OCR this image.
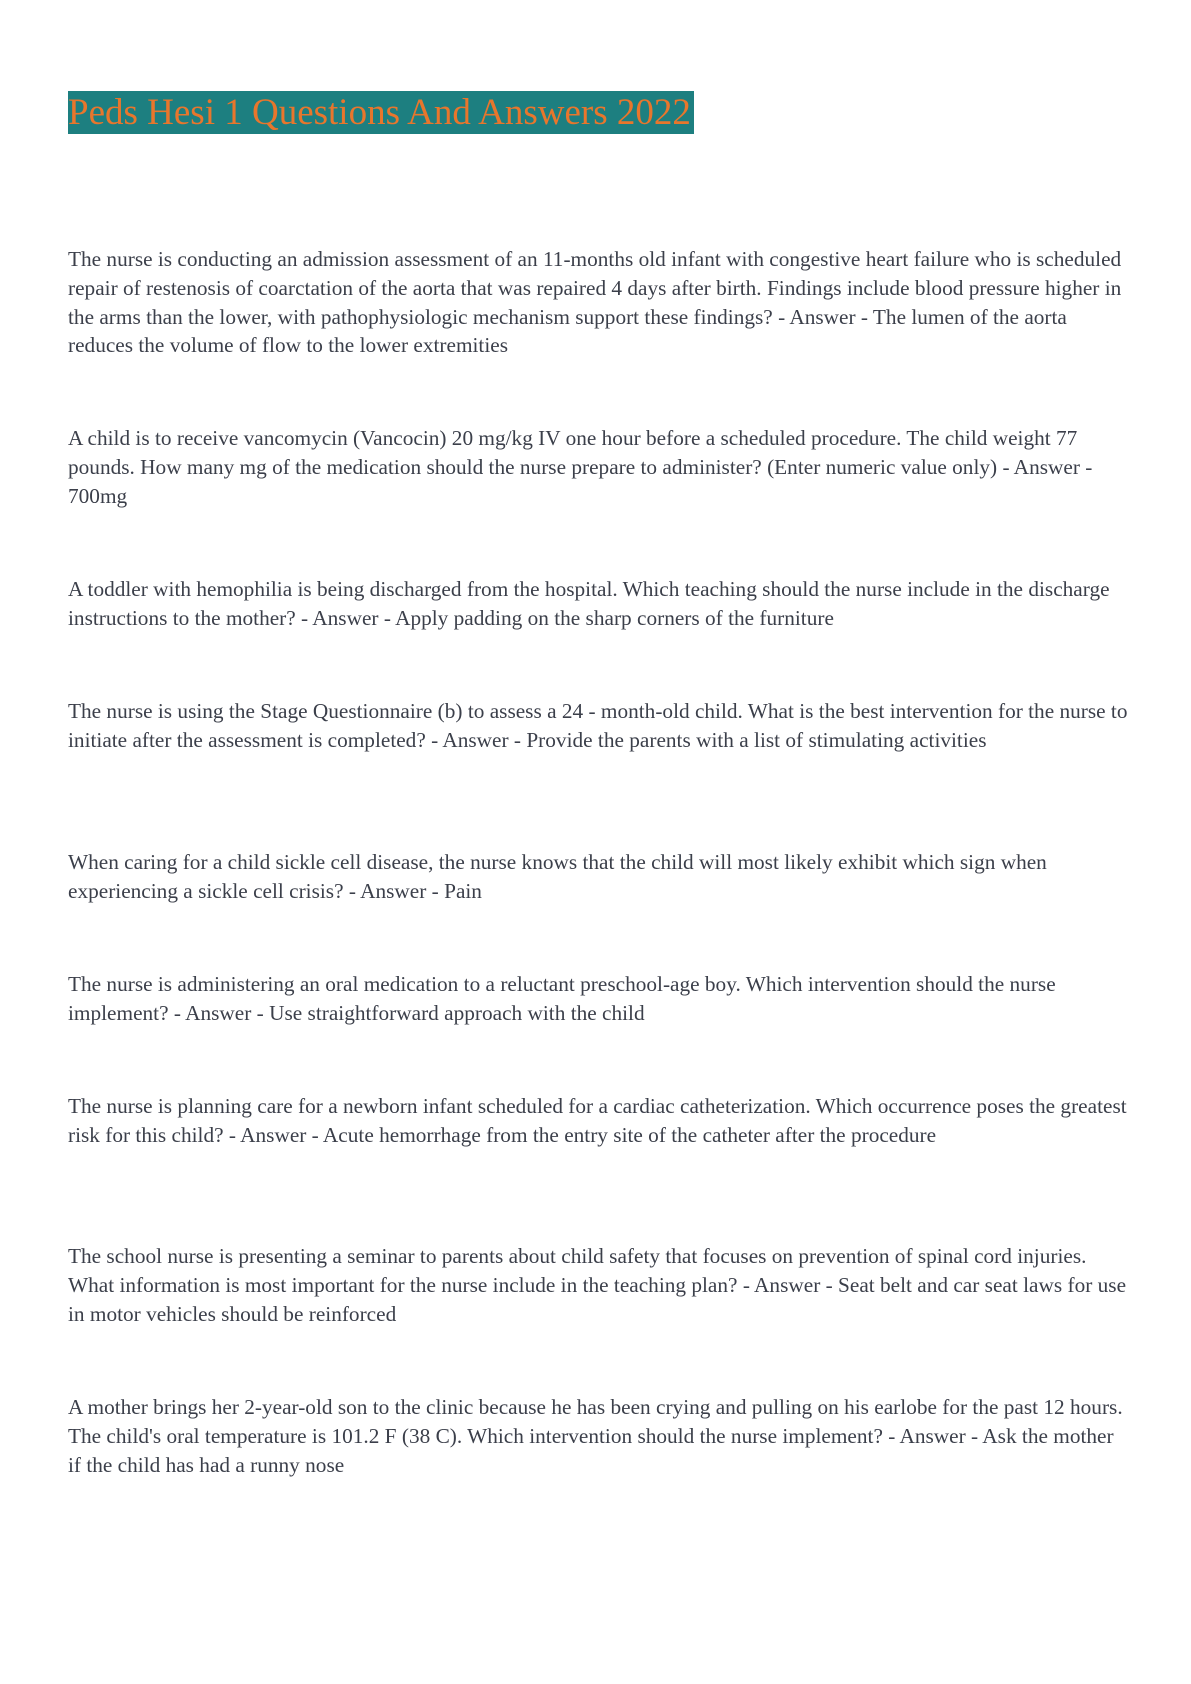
Peds Hesi 1 Questions And Answers 2022
The nurse is conducting an admission assessment of an 11-months old infant with congestive heart failure who is scheduled repair of restenosis of coarctation of the aorta that was repaired 4 days after birth. Findings include blood pressure higher in the arms than the lower, with pathophysiologic mechanism support these findings? - Answer - The lumen of the aorta reduces the volume of flow to the lower extremities
A child is to receive vancomycin (Vancocin) 20 mg/kg IV one hour before a scheduled procedure. The child weight 77 pounds. How many mg of the medication should the nurse prepare to administer? (Enter numeric value only) - Answer - 700mg
A toddler with hemophilia is being discharged from the hospital. Which teaching should the nurse include in the discharge instructions to the mother? - Answer - Apply padding on the sharp corners of the furniture
The nurse is using the Stage Questionnaire (b) to assess a 24 - month-old child. What is the best intervention for the nurse to initiate after the assessment is completed? - Answer - Provide the parents with a list of stimulating activities
When caring for a child sickle cell disease, the nurse knows that the child will most likely exhibit which sign when experiencing a sickle cell crisis? - Answer - Pain
The nurse is administering an oral medication to a reluctant preschool-age boy. Which intervention should the nurse implement? - Answer - Use straightforward approach with the child
The nurse is planning care for a newborn infant scheduled for a cardiac catheterization. Which occurrence poses the greatest risk for this child? - Answer - Acute hemorrhage from the entry site of the catheter after the procedure
The school nurse is presenting a seminar to parents about child safety that focuses on prevention of spinal cord injuries. What information is most important for the nurse include in the teaching plan? - Answer - Seat belt and car seat laws for use in motor vehicles should be reinforced
A mother brings her 2-year-old son to the clinic because he has been crying and pulling on his earlobe for the past 12 hours. The child's oral temperature is 101.2 F (38 C). Which intervention should the nurse implement? - Answer - Ask the mother if the child has had a runny nose
